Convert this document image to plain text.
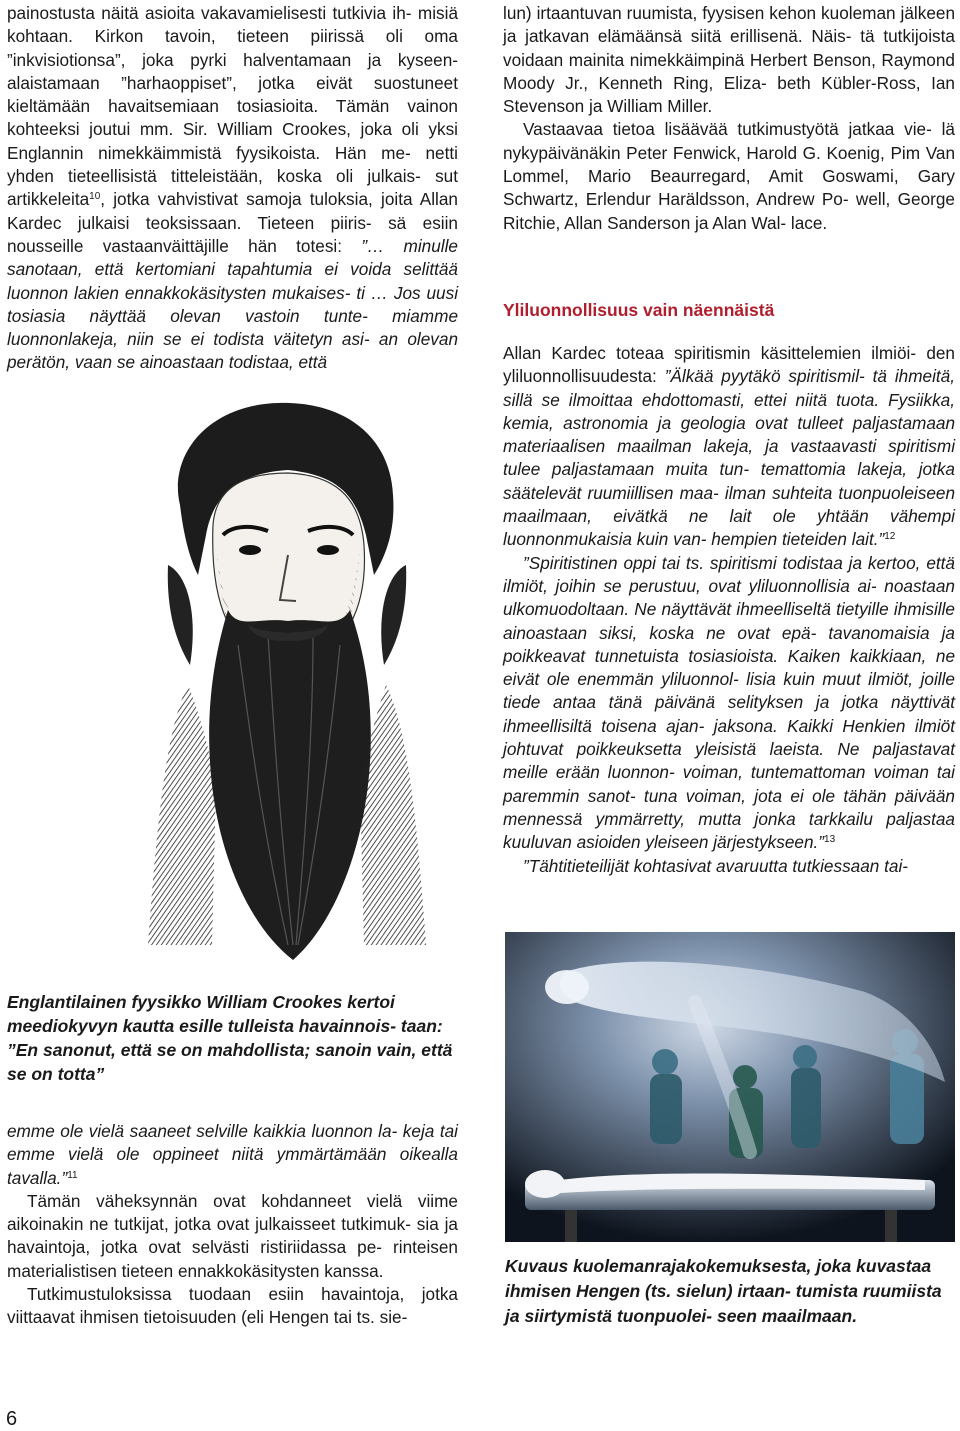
painostusta näitä asioita vakavamielisesti tutkivia ih- misiä kohtaan. Kirkon tavoin, tieteen piirissä oli oma ”inkvisiotionsa”, joka pyrki halventamaan ja kyseen- alaistamaan ”harhaoppiset”, jotka eivät suostuneet kieltämään havaitsemiaan tosiasioita. Tämän vainon kohteeksi joutui mm. Sir. William Crookes, joka oli yksi Englannin nimekkäimmistä fyysikoista. Hän me- netti yhden tieteellisistä titteleistään, koska oli julkais- sut artikkeleita$^{10}$, jotka vahvistivat samoja tuloksia, joita Allan Kardec julkaisi teoksissaan. Tieteen piiris- sä esiin nousseille vastaanväittäjille hän totesi: ”… minulle sanotaan, että kertomiani tapahtumia ei voida selittää luonnon lakien ennakkokäsitysten mukaises- ti … Jos uusi tosiasia näyttää olevan vastoin tunte- miamme luonnonlakeja, niin se ei todista väitetyn asi- an olevan perätön, vaan se ainoastaan todistaa, että

Englantilainen fyysikko William Crookes kertoi meediokyvyn kautta esille tulleista havainnois- taan: ”En sanonut, että se on mahdollista; sanoin vain, että se on totta”

emme ole vielä saaneet selville kaikkia luonnon la- keja tai emme vielä ole oppineet niitä ymmärtämään oikealla tavalla.”$^{11}$

Tämän väheksynnän ovat kohdanneet vielä viime aikoinakin ne tutkijat, jotka ovat julkaisseet tutkimuk- sia ja havaintoja, jotka ovat selvästi ristiriidassa pe- rinteisen materialistisen tieteen ennakkokäsitysten kanssa.

Tutkimustuloksissa tuodaan esiin havaintoja, jotka viittaavat ihmisen tietoisuuden (eli Hengen tai ts. sie-

lun) irtaantuvan ruumista, fyysisen kehon kuoleman jälkeen ja jatkavan elämäänsä siitä erillisenä. Näis- tä tutkijoista voidaan mainita nimekkäimpinä Herbert Benson, Raymond Moody Jr., Kenneth Ring, Eliza- beth Kübler-Ross, Ian Stevenson ja William Miller.

Vastaavaa tietoa lisäävää tutkimustyötä jatkaa vie- lä nykypäivänäkin Peter Fenwick, Harold G. Koenig, Pim Van Lommel, Mario Beaurregard, Amit Goswami, Gary Schwartz, Erlendur Haräldsson, Andrew Po- well, George Ritchie, Allan Sanderson ja Alan Wal- lace.

Yliluonnollisuus vain näennäistä

Allan Kardec toteaa spiritismin käsittelemien ilmiöi- den yliluonnollisuudesta: ”Älkää pyytäkö spiritismil- tä ihmeitä, sillä se ilmoittaa ehdottomasti, ettei niitä tuota. Fysiikka, kemia, astronomia ja geologia ovat tulleet paljastamaan materiaalisen maailman lakeja, ja vastaavasti spiritismi tulee paljastamaan muita tun- temattomia lakeja, jotka säätelevät ruumiillisen maa- ilman suhteita tuonpuoleiseen maailmaan, eivätkä ne lait ole yhtään vähempi luonnonmukaisia kuin van- hempien tieteiden lait.”$^{12}$

”Spiritistinen oppi tai ts. spiritismi todistaa ja kertoo, että ilmiöt, joihin se perustuu, ovat yliluonnollisia ai- noastaan ulkomuodoltaan. Ne näyttävät ihmeelliseltä tietyille ihmisille ainoastaan siksi, koska ne ovat epä- tavanomaisia ja poikkeavat tunnetuista tosiasioista. Kaiken kaikkiaan, ne eivät ole enemmän yliluonnol- lisia kuin muut ilmiöt, joille tiede antaa tänä päivänä selityksen ja jotka näyttivät ihmeellisiltä toisena ajan- jaksona. Kaikki Henkien ilmiöt johtuvat poikkeuksetta yleisistä laeista. Ne paljastavat meille erään luonnon- voiman, tuntemattoman voiman tai paremmin sanot- tuna voiman, jota ei ole tähän päivään mennessä ymmärretty, mutta jonka tarkkailu paljastaa kuuluvan asioiden yleiseen järjestykseen.”$^{13}$

”Tähtitieteilijät kohtasivat avaruutta tutkiessaan tai-

Kuvaus kuolemanrajakokemuksesta, joka kuvastaa ihmisen Hengen (ts. sielun) irtaan- tumista ruumiista ja siirtymistä tuonpuolei- seen maailmaan.
6
